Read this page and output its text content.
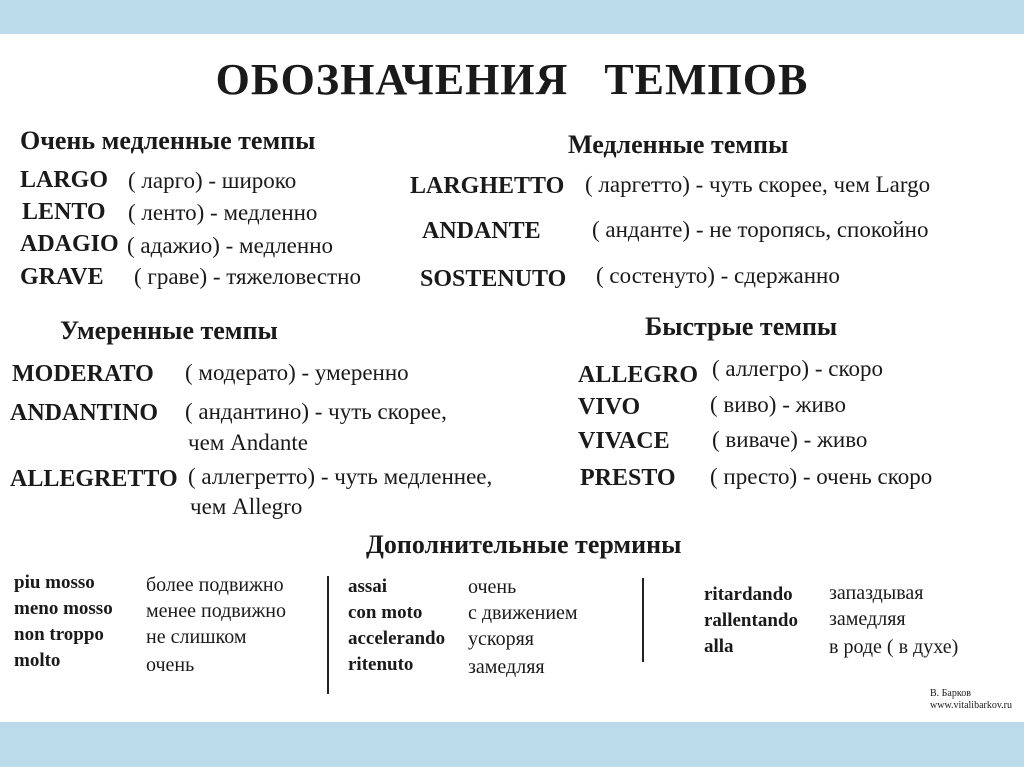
ОБОЗНАЧЕНИЯ ТЕМПОВ
Очень медленные темпы
LARGO ( ларго) - широко
LENTO ( ленто) - медленно
ADAGIO ( адажио) - медленно
GRAVE ( граве) - тяжеловестно
Медленные темпы
LARGHETTO ( ларгетто) - чуть скорее, чем Largo
ANDANTE ( анданте) - не торопясь, спокойно
SOSTENUTO ( состенуто) - сдержанно
Умеренные темпы
MODERATO ( модерато) - умеренно
ANDANTINO ( андантино) - чуть скорее,
чем Andante
ALLEGRETTO ( аллегретто) - чуть медленнее,
чем Allegro
Быстрые темпы
ALLEGRO ( аллегро) - скоро
VIVO	( виво) - живо
VIVACE ( виваче) - живо
PRESTO ( престо) - очень скоро
Дополнительные термины
piu mosso
meno mosso
non troppo
molto
более подвижно
менее подвижно
не слишком
очень
assai
con moto
accelerando
ritenuto
очень
с движением
ускоряя
замедляя
ritardando
rallentando
alla
запаздывая
замедляя
в роде ( в духе)
В. Барков
www.vitalibarkov.ru
